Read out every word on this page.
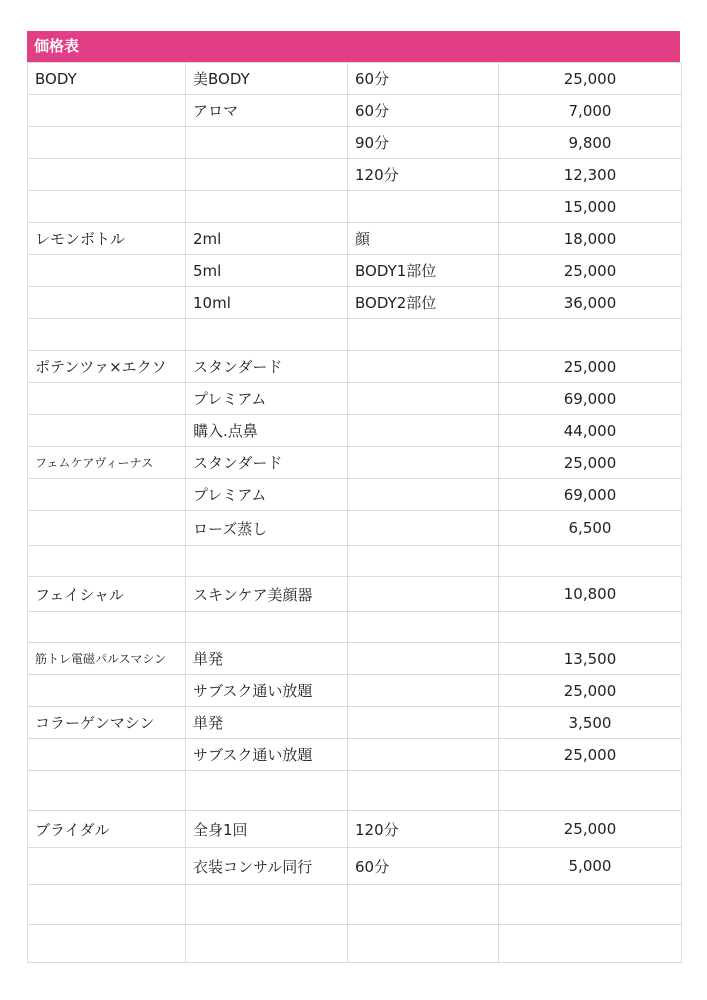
価格表
BODY	美BODY	60分	25,000
	アロマ	60分	7,000
		90分	9,800
		120分	12,300
			15,000
レモンボトル	2ml	顔	18,000
	5ml	BODY1部位	25,000
	10ml	BODY2部位	36,000

ポテンツァ×エクソ	スタンダード		25,000
	プレミアム		69,000
	購入.点鼻		44,000
フェムケアヴィーナス	スタンダード		25,000
	プレミアム		69,000
	ローズ蒸し		6,500

フェイシャル	スキンケア美顔器		10,800

筋トレ電磁パルスマシン	単発		13,500
	サブスク通い放題		25,000
コラーゲンマシン	単発		3,500
	サブスク通い放題		25,000

ブライダル	全身1回	120分	25,000
	衣装コンサル同行	60分	5,000
